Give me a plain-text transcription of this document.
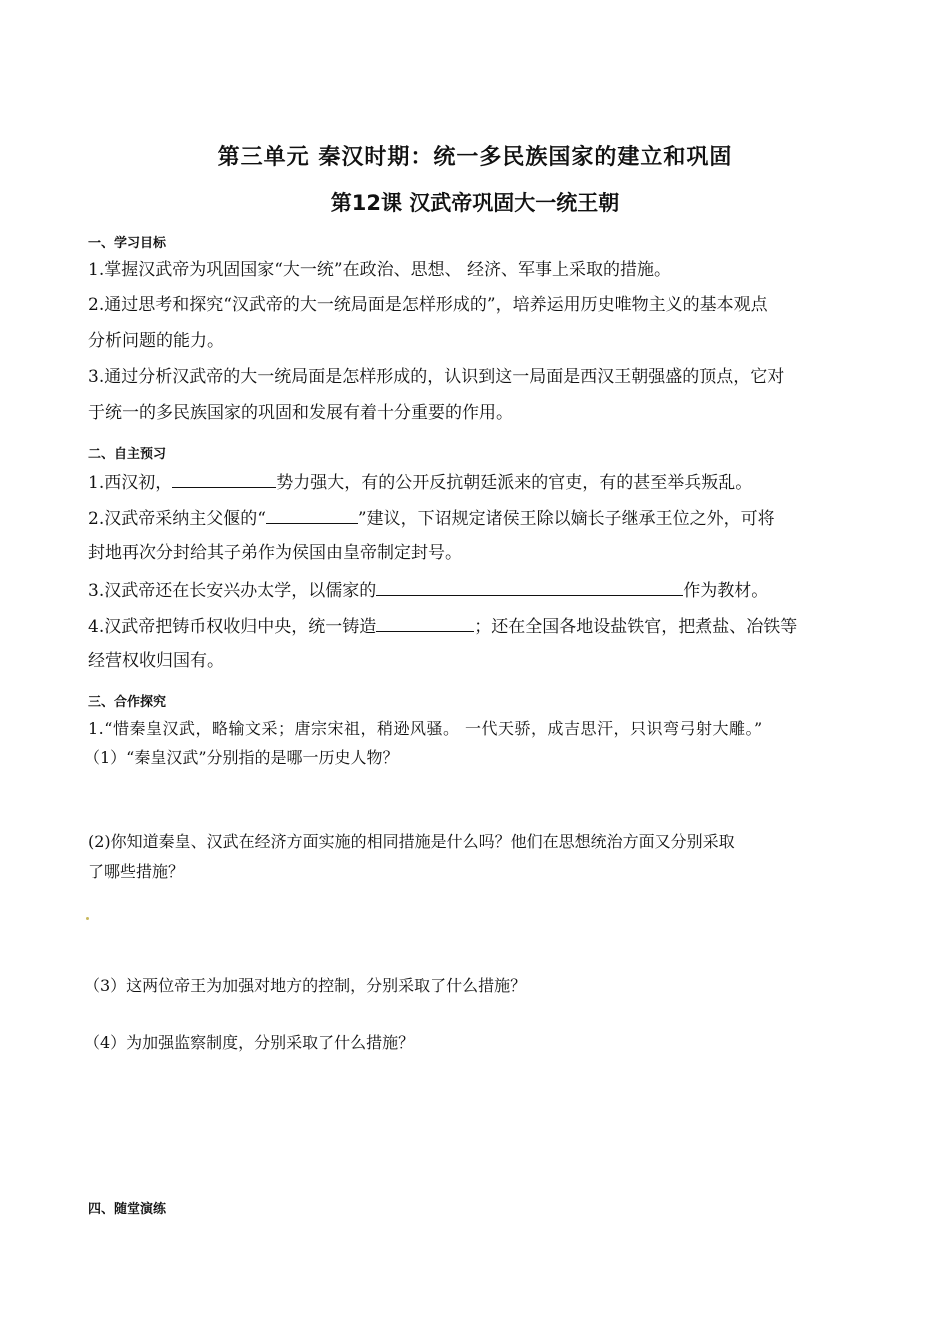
第三单元 秦汉时期：统一多民族国家的建立和巩固
第12课 汉武帝巩固大一统王朝
一、学习目标
1.掌握汉武帝为巩固国家“大一统”在政治、思想、 经济、军事上采取的措施。
2.通过思考和探究“汉武帝的大一统局面是怎样形成的”，培养运用历史唯物主义的基本观点
分析问题的能力。
3.通过分析汉武帝的大一统局面是怎样形成的，认识到这一局面是西汉王朝强盛的顶点，它对
于统一的多民族国家的巩固和发展有着十分重要的作用。
二、自主预习
1.西汉初，	势力强大，有的公开反抗朝廷派来的官吏，有的甚至举兵叛乱。
2.汉武帝采纳主父偃的“	”建议，下诏规定诸侯王除以嫡长子继承王位之外，可将
封地再次分封给其子弟作为侯国由皇帝制定封号。
3.汉武帝还在长安兴办太学，以儒家的	作为教材。
4.汉武帝把铸币权收归中央，统一铸造	；还在全国各地设盐铁官，把煮盐、冶铁等
经营权收归国有。
三、合作探究
1.“惜秦皇汉武，略输文采；唐宗宋祖，稍逊风骚。 一代天骄，成吉思汗，只识弯弓射大雕。”
（1）“秦皇汉武”分别指的是哪一历史人物？
(2)你知道秦皇、汉武在经济方面实施的相同措施是什么吗？他们在思想统治方面又分别采取
了哪些措施？
（3）这两位帝王为加强对地方的控制，分别采取了什么措施？
（4）为加强监察制度，分别采取了什么措施？
四、随堂演练
